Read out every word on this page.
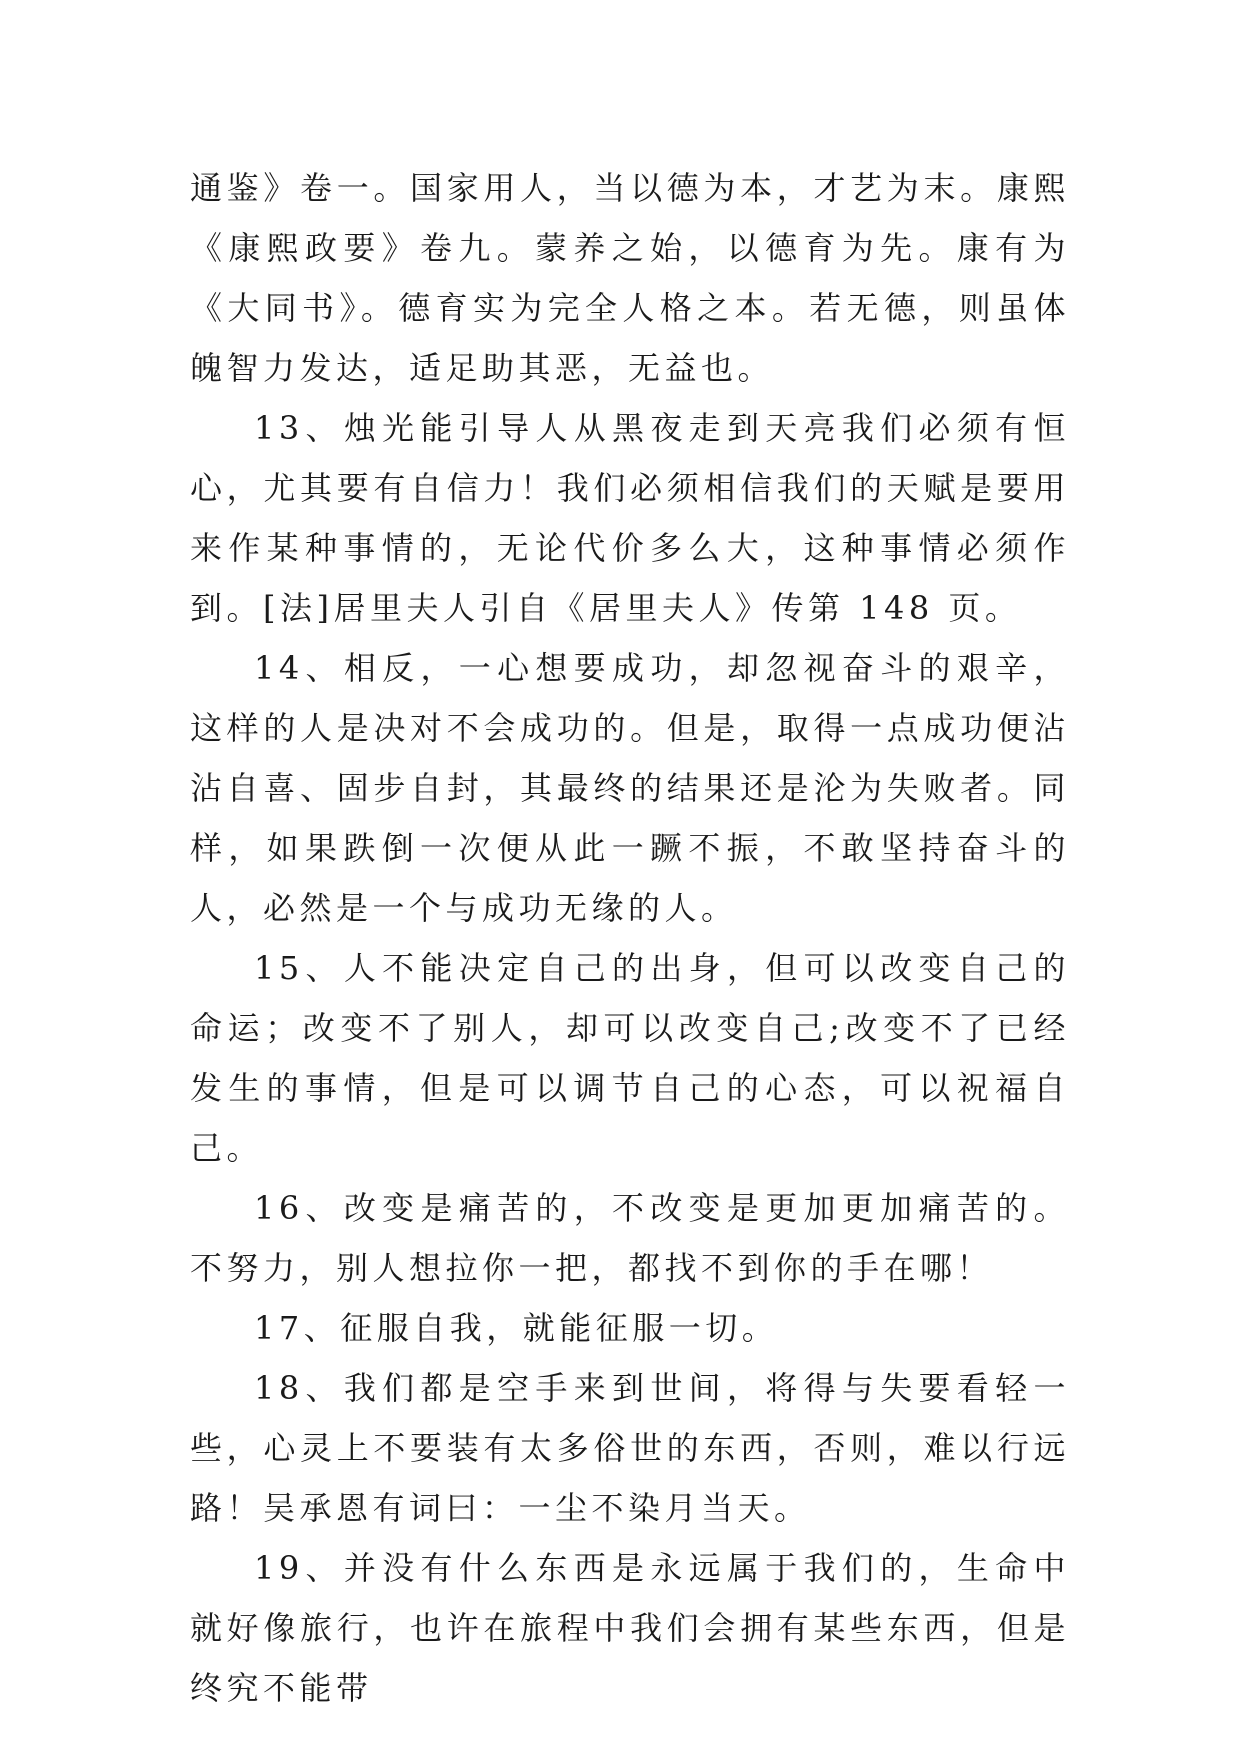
通鉴》卷一。国家用人，当以德为本，才艺为末。康熙《康熙政要》卷九。蒙养之始，以德育为先。康有为《大同书》。德育实为完全人格之本。若无德，则虽体魄智力发达，适足助其恶，无益也。

13、烛光能引导人从黑夜走到天亮我们必须有恒心，尤其要有自信力！我们必须相信我们的天赋是要用来作某种事情的，无论代价多么大，这种事情必须作到。[法]居里夫人引自《居里夫人》传第 148 页。

14、相反，一心想要成功，却忽视奋斗的艰辛，这样的人是决对不会成功的。但是，取得一点成功便沾沾自喜、固步自封，其最终的结果还是沦为失败者。同样，如果跌倒一次便从此一蹶不振，不敢坚持奋斗的人，必然是一个与成功无缘的人。

15、人不能决定自己的出身，但可以改变自己的命运；改变不了别人，却可以改变自己;改变不了已经发生的事情，但是可以调节自己的心态，可以祝福自己。

16、改变是痛苦的，不改变是更加更加痛苦的。不努力，别人想拉你一把，都找不到你的手在哪！

17、征服自我，就能征服一切。

18、我们都是空手来到世间，将得与失要看轻一些，心灵上不要装有太多俗世的东西，否则，难以行远路！吴承恩有词曰：一尘不染月当天。

19、并没有什么东西是永远属于我们的，生命中就好像旅行，也许在旅程中我们会拥有某些东西，但是终究不能带
